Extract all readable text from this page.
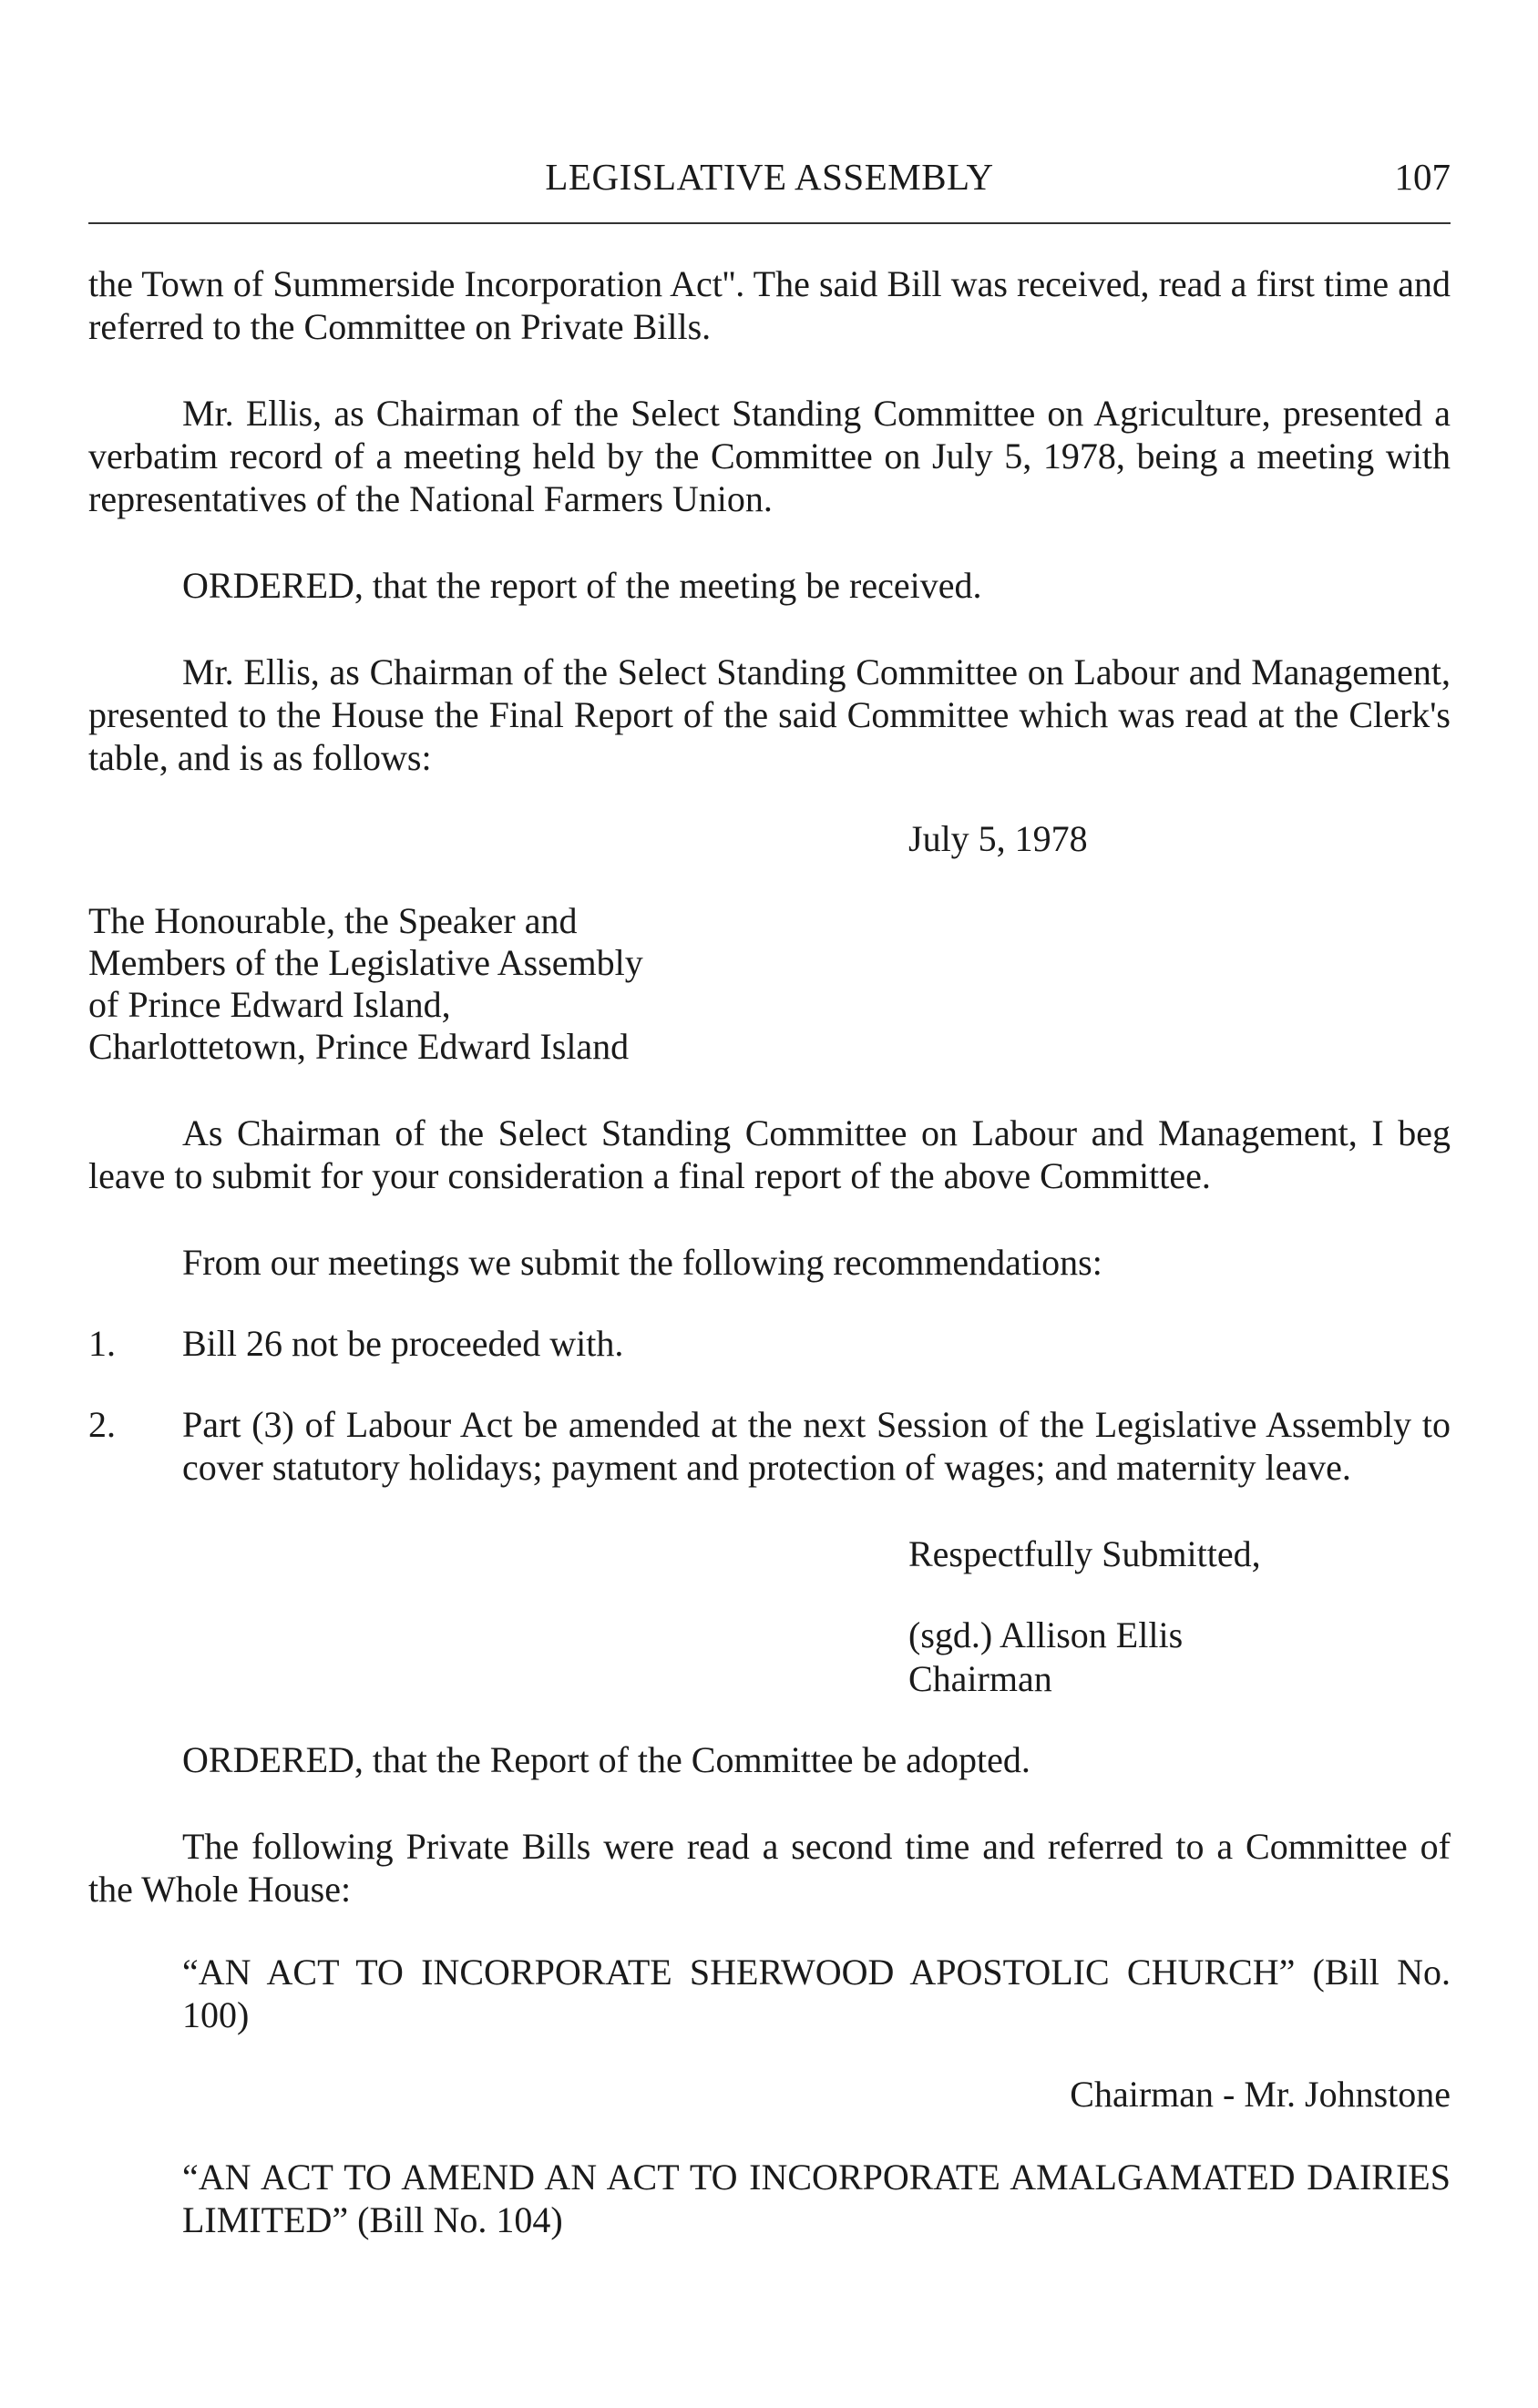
LEGISLATIVE ASSEMBLY	107

the Town of Summerside Incorporation Act''. The said Bill was received, read a first time and referred to the Committee on Private Bills.

Mr. Ellis, as Chairman of the Select Standing Committee on Agriculture, presented a verbatim record of a meeting held by the Committee on July 5, 1978, being a meeting with representatives of the National Farmers Union.

ORDERED, that the report of the meeting be received.

Mr. Ellis, as Chairman of the Select Standing Committee on Labour and Management, presented to the House the Final Report of the said Committee which was read at the Clerk's table, and is as follows:

July 5, 1978
The Honourable, the Speaker and
Members of the Legislative Assembly
of Prince Edward Island,
Charlottetown, Prince Edward Island

As Chairman of the Select Standing Committee on Labour and Management, I beg leave to submit for your consideration a final report of the above Committee.

From our meetings we submit the following recommendations:

1.	Bill 26 not be proceeded with.
2.	Part (3) of Labour Act be amended at the next Session of the Legislative Assembly to cover statutory holidays; payment and protection of wages; and maternity leave.
Respectfully Submitted,
(sgd.) Allison Ellis
Chairman

ORDERED, that the Report of the Committee be adopted.

The following Private Bills were read a second time and referred to a Committee of the Whole House:

“AN ACT TO INCORPORATE SHERWOOD APOSTOLIC CHURCH” (Bill No. 100)

Chairman - Mr. Johnstone

“AN ACT TO AMEND AN ACT TO INCORPORATE AMALGAMATED DAIRIES LIMITED” (Bill No. 104)
